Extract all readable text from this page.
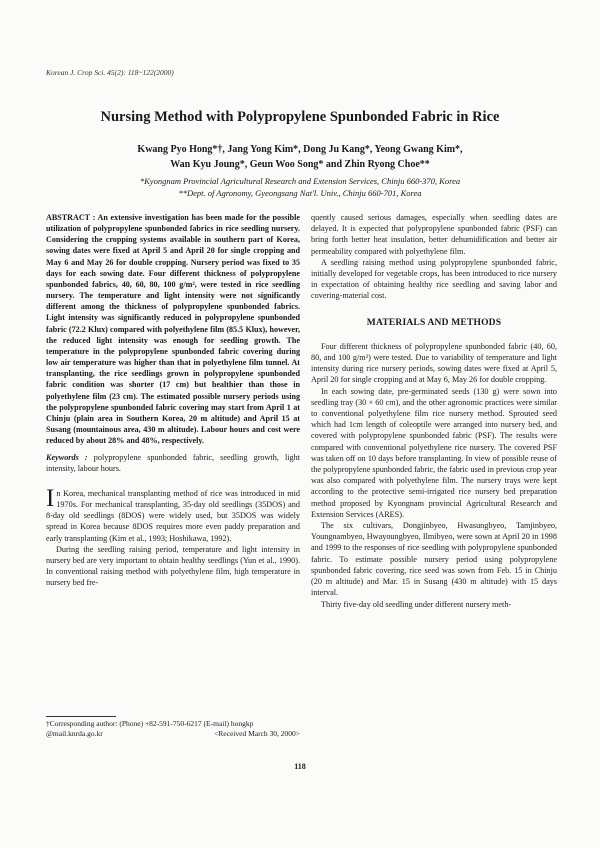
Korean J. Crop Sci. 45(2): 118~122(2000)
Nursing Method with Polypropylene Spunbonded Fabric in Rice
Kwang Pyo Hong*†, Jang Yong Kim*, Dong Ju Kang*, Yeong Gwang Kim*,
Wan Kyu Joung*, Geun Woo Song* and Zhin Ryong Choe**
*Kyongnam Provincial Agricultural Research and Extension Services, Chinju 660-370, Korea
**Dept. of Agronomy, Gyeongsang Nat'l. Univ., Chinju 660-701, Korea
ABSTRACT : An extensive investigation has been made for the possible utilization of polypropylene spunbonded fabrics in rice seedling nursery. Considering the cropping systems available in southern part of Korea, sowing dates were fixed at April 5 and April 20 for single cropping and May 6 and May 26 for double cropping. Nursery period was fixed to 35 days for each sowing date. Four different thickness of polypropylene spunbonded fabrics, 40, 60, 80, 100 g/m², were tested in rice seedling nursery. The temperature and light intensity were not significantly different among the thickness of polypropylene spunbonded fabrics. Light intensity was significantly reduced in polypropylene spunbonded fabric (72.2 Klux) compared with polyethylene film (85.5 Klux), however, the reduced light intensity was enough for seedling growth. The temperature in the polypropylene spunbonded fabric covering during low air temperature was higher than that in polyethylene film tunnel. At transplanting, the rice seedlings grown in polypropylene spunbonded fabric condition was shorter (17 cm) but healthier than those in polyethylene film (23 cm). The estimated possible nursery periods using the polypropylene spunbonded fabric covering may start from April 1 at Chinju (plain area in Southern Korea, 20 m altitude) and April 15 at Susang (mountainous area, 430 m altitude). Labour hours and cost were reduced by about 28% and 48%, respectively.
Keywords : polypropylene spunbonded fabric, seedling growth, light intensity, labour hours.

In Korea, mechanical transplanting method of rice was introduced in mid 1970s. For mechanical transplanting, 35-day old seedlings (35DOS) and 8-day old seedlings (8DOS) were widely used, but 35DOS was widely spread in Korea because 8DOS requires more even paddy preparation and early transplanting (Kim et al., 1993; Hoshikawa, 1992).

During the seedling raising period, temperature and light intensity in nursery bed are very important to obtain healthy seedlings (Yun et al., 1990). In conventional raising method with polyethylene film, high temperature in nursery bed fre-

quently caused serious damages, especially when seedling dates are delayed. It is expected that polypropylene spunbonded fabric (PSF) can bring forth better heat insulation, better dehumidification and better air permeability compared with polyethylene film.

A seedling raising method using polypropylene spunbonded fabric, initially developed for vegetable crops, has been introduced to rice nursery in expectation of obtaining healthy rice seedling and saving labor and covering-material cost.

MATERIALS AND METHODS

Four different thickness of polypropylene spunbonded fabric (40, 60, 80, and 100 g/m²) were tested. Due to variability of temperature and light intensity during rice nursery periods, sowing dates were fixed at April 5, April 20 for single cropping and at May 6, May 26 for double cropping.

In each sowing date, pre-germinated seeds (130 g) were sown into seedling tray (30 × 60 cm), and the other agronomic practices were similar to conventional polyethylene film rice nursery method. Sprouted seed which had 1cm length of coleoptile were arranged into nursery bed, and covered with polypropylene spunbonded fabric (PSF). The results were compared with conventional polyethylene rice nursery. The covered PSF was taken off on 10 days before transplanting. In view of possible reuse of the polypropylene spunbonded fabric, the fabric used in previous crop year was also compared with polyethylene film. The nursery trays were kept according to the protective semi-irrigated rice nursery bed preparation method proposed by Kyongnam provincial Agricultural Research and Extension Services (ARES).

The six cultivars, Dongjinbyeo, Hwasungbyeo, Tamjinbyeo, Youngnambyeo, Hwayoungbyeo, Ilmibyeo, were sown at April 20 in 1998 and 1999 to the responses of rice seedling with polypropylene spunbonded fabric. To estimate possible nursery period using polypropylene spunbonded fabric covering, rice seed was sown from Feb. 15 in Chinju (20 m altitude) and Mar. 15 in Susang (430 m altitude) with 15 days interval.

Thirty five-day old seedling under different nursery meth-

†Corresponding author: (Phone) +82-591-750-6217 (E-mail) hongkp
@mail.knrda.go.kr	<Received March 30, 2000>
118
